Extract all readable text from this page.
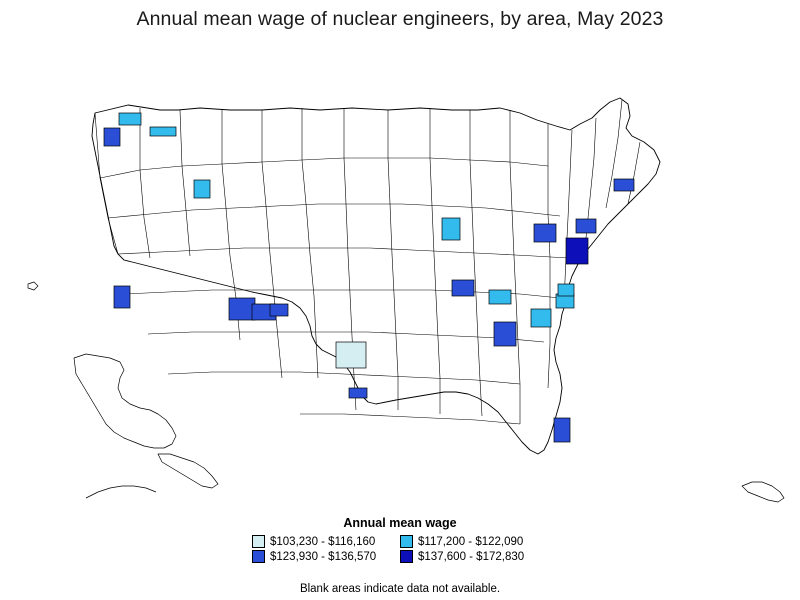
Annual mean wage of nuclear engineers, by area, May 2023
Annual mean wage
$103,230 - $116,160	$117,200 - $122,090
$123,930 - $136,570	$137,600 - $172,830
Blank areas indicate data not available.
